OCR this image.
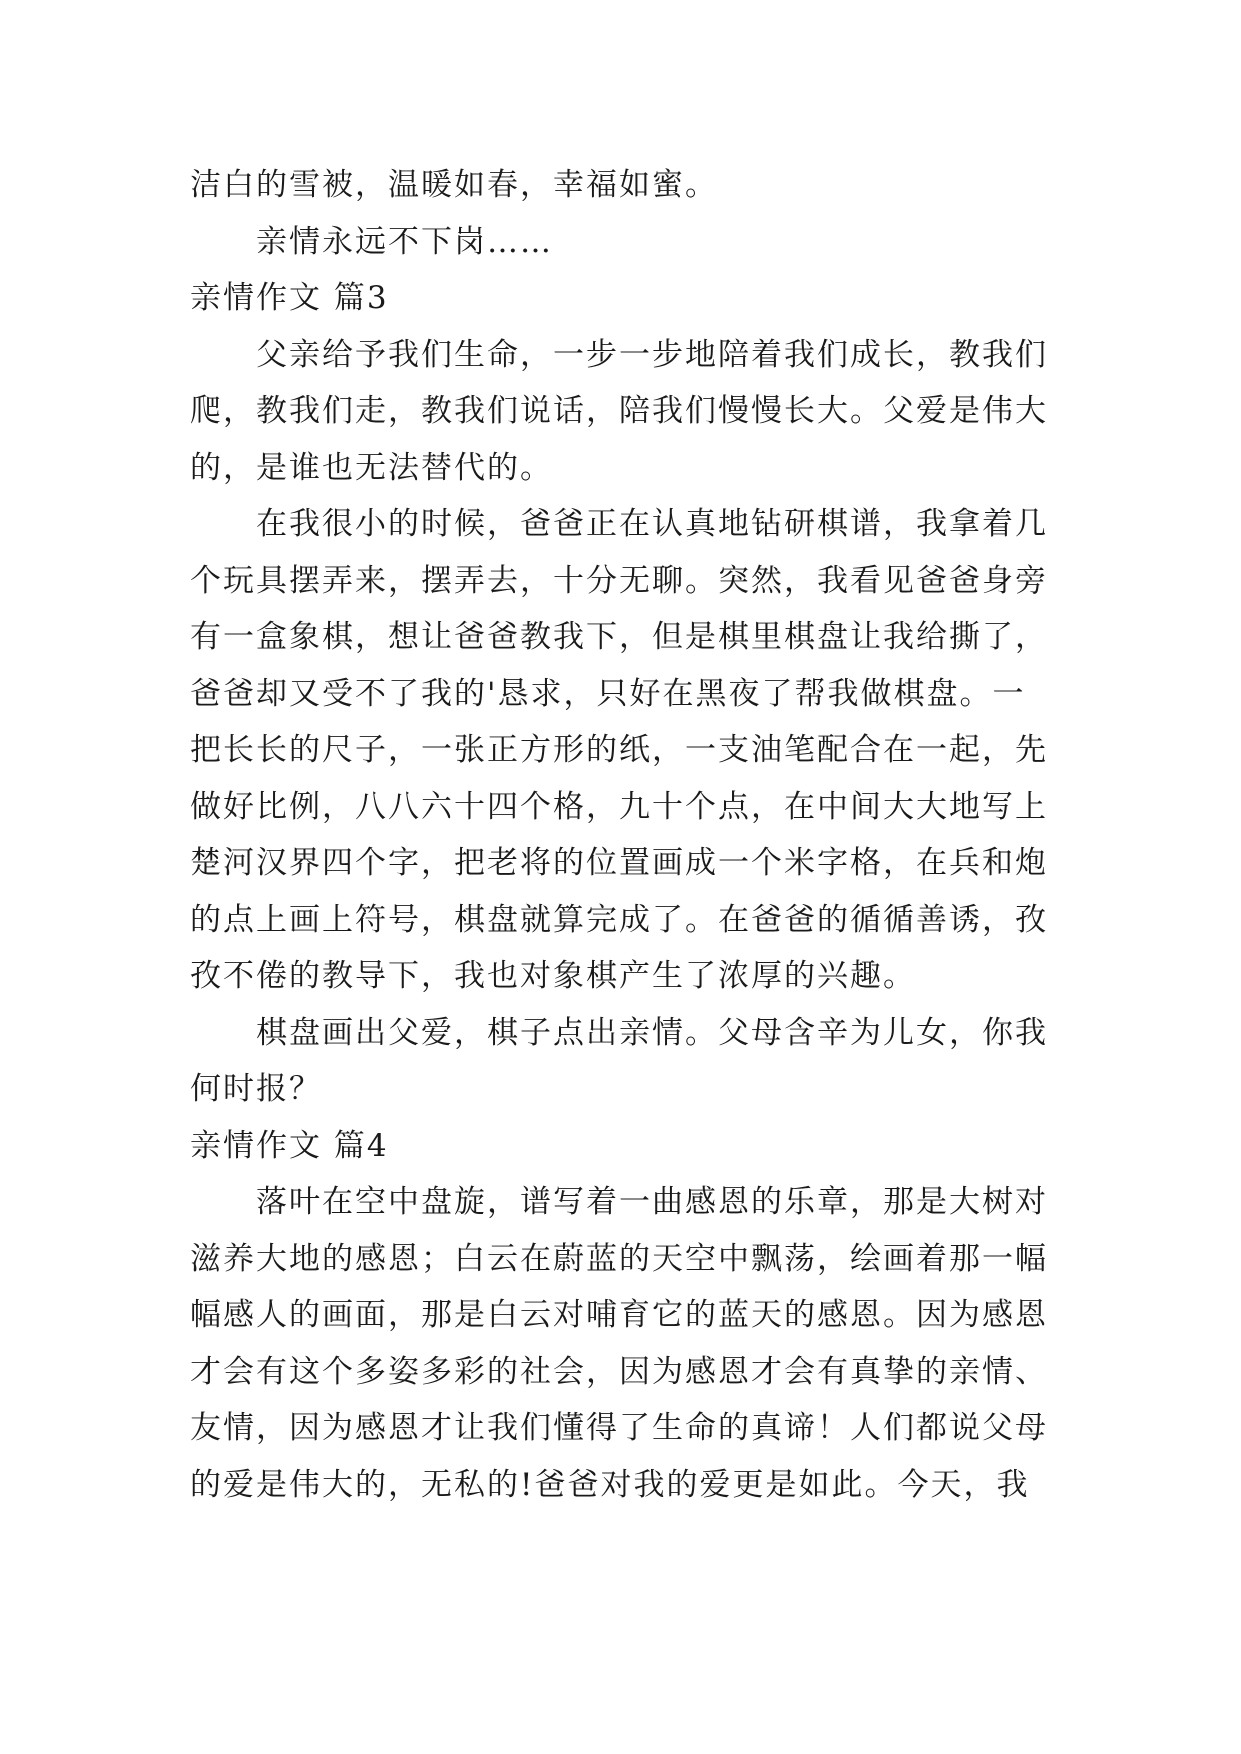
洁白的雪被，温暖如春，幸福如蜜。

亲情永远不下岗……

亲情作文 篇3

父亲给予我们生命，一步一步地陪着我们成长，教我们
爬，教我们走，教我们说话，陪我们慢慢长大。父爱是伟大
的，是谁也无法替代的。

在我很小的时候，爸爸正在认真地钻研棋谱，我拿着几
个玩具摆弄来，摆弄去，十分无聊。突然，我看见爸爸身旁
有一盒象棋，想让爸爸教我下，但是棋里棋盘让我给撕了，
爸爸却又受不了我的'恳求，只好在黑夜了帮我做棋盘。一
把长长的尺子，一张正方形的纸，一支油笔配合在一起，先
做好比例，八八六十四个格，九十个点，在中间大大地写上
楚河汉界四个字，把老将的位置画成一个米字格，在兵和炮
的点上画上符号，棋盘就算完成了。在爸爸的循循善诱，孜
孜不倦的教导下，我也对象棋产生了浓厚的兴趣。

棋盘画出父爱，棋子点出亲情。父母含辛为儿女，你我
何时报？

亲情作文 篇4

落叶在空中盘旋，谱写着一曲感恩的乐章，那是大树对
滋养大地的感恩；白云在蔚蓝的天空中飘荡，绘画着那一幅
幅感人的画面，那是白云对哺育它的蓝天的感恩。因为感恩
才会有这个多姿多彩的社会，因为感恩才会有真挚的亲情、
友情，因为感恩才让我们懂得了生命的真谛！人们都说父母
的爱是伟大的，无私的!爸爸对我的爱更是如此。今天，我
